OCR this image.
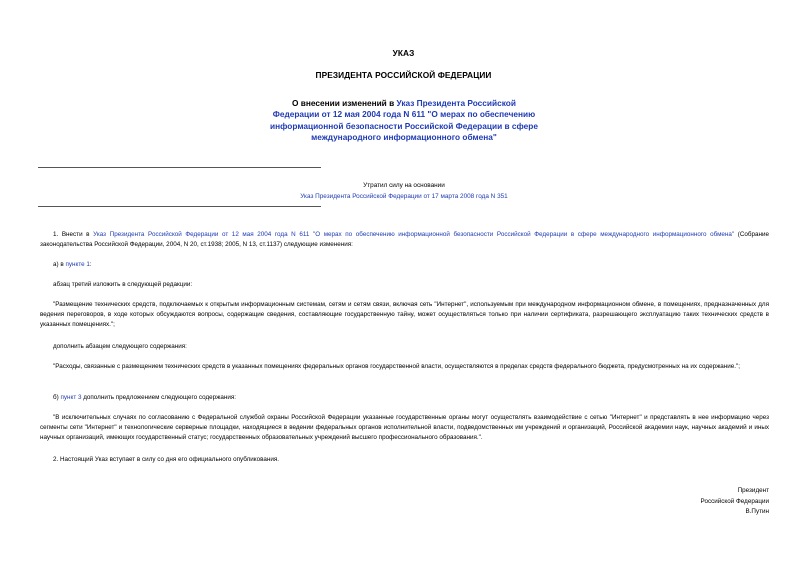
УКАЗ
ПРЕЗИДЕНТА РОССИЙСКОЙ ФЕДЕРАЦИИ
О внесении изменений в Указ Президента Российской Федерации от 12 мая 2004 года N 611 "О мерах по обеспечению информационной безопасности Российской Федерации в сфере международного информационного обмена"
Утратил силу на основании
Указ Президента Российской Федерации от 17 марта 2008 года N 351

1. Внести в Указ Президента Российской Федерации от 12 мая 2004 года N 611 "О мерах по обеспечению информационной безопасности Российской Федерации в сфере международного информационного обмена" (Собрание законодательства Российской Федерации, 2004, N 20, ст.1938; 2005, N 13, ст.1137) следующие изменения:

а) в пункте 1:

абзац третий изложить в следующей редакции:

"Размещение технических средств, подключаемых к открытым информационным системам, сетям и сетям связи, включая сеть "Интернет", используемым при международном информационном обмене, в помещениях, предназначенных для ведения переговоров, в ходе которых обсуждаются вопросы, содержащие сведения, составляющие государственную тайну, может осуществляться только при наличии сертификата, разрешающего эксплуатацию таких технических средств в указанных помещениях.";

дополнить абзацем следующего содержания:

"Расходы, связанные с размещением технических средств в указанных помещениях федеральных органов государственной власти, осуществляются в пределах средств федерального бюджета, предусмотренных на их содержание.";

б) пункт 3 дополнить предложением следующего содержания:

"В исключительных случаях по согласованию с Федеральной службой охраны Российской Федерации указанные государственные органы могут осуществлять взаимодействие с сетью "Интернет" и представлять в нее информацию через сегменты сети "Интернет" и технологические серверные площадки, находящиеся в ведении федеральных органов исполнительной власти, подведомственных им учреждений и организаций, Российской академии наук, научных академий и иных научных организаций, имеющих государственный статус; государственных образовательных учреждений высшего профессионального образования.".

2. Настоящий Указ вступает в силу со дня его официального опубликования.

Президент
Российской Федерации
В.Путин
